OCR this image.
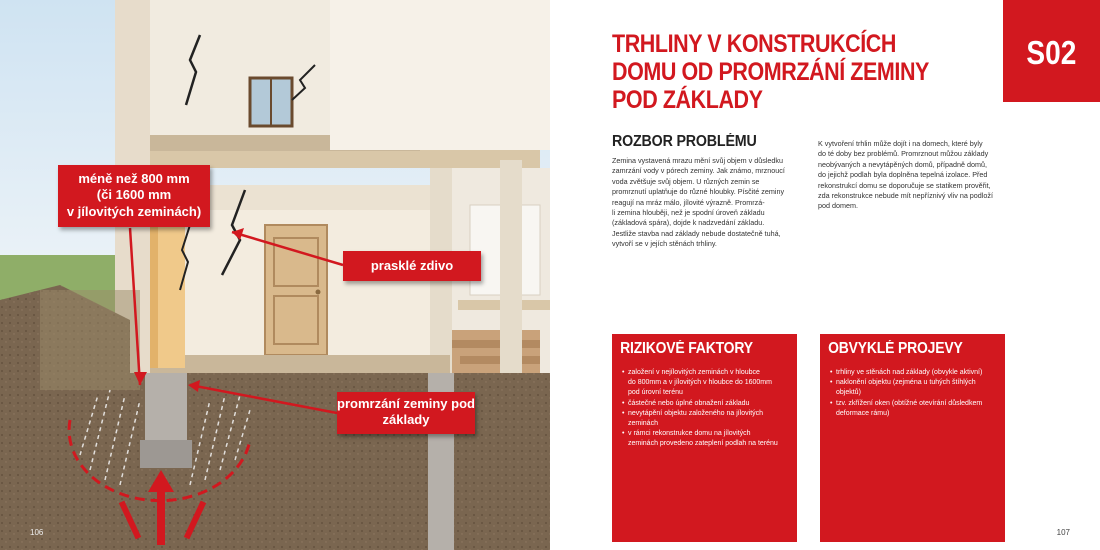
méně než 800 mm
(či 1600 mm
v jílovitých zeminách)
prasklé zdivo
promrzání zeminy pod
základy
106
TRHLINY V KONSTRUKCÍCH
DOMU OD PROMRZÁNÍ ZEMINY
POD ZÁKLADY
S02
ROZBOR PROBLÉMU
Zemina vystavená mrazu mění svůj objem v důsledku
zamrzání vody v pórech zeminy. Jak známo, mrznoucí
voda zvětšuje svůj objem. U různých zemin se
promrznutí uplatňuje do různé hloubky. Písčité zeminy
reagují na mráz málo, jílovité výrazně. Promrzá-
li zemina hlouběji, než je spodní úroveň základu
(základová spára), dojde k nadzvedání základu.
Jestliže stavba nad základy nebude dostatečně tuhá,
vytvoří se v jejích stěnách trhliny.
K vytvoření trhlin může dojít i na domech, které byly
do té doby bez problémů. Promrznout můžou základy
neobývaných a nevytápěných domů, případně domů,
do jejichž podlah byla doplněna tepelná izolace. Před
rekonstrukcí domu se doporučuje se statikem prověřit,
zda rekonstrukce nebude mít nepříznivý vliv na podloží
pod domem.
RIZIKOVÉ FAKTORY
• založení v nejílovitých zeminách v hloubce
do 800mm a v jílovitých v hloubce do 1600mm
pod úrovní terénu
• částečné nebo úplné obnažení základu
• nevytápění objektu založeného na jílovitých
zeminách
• v rámci rekonstrukce domu na jílovitých
zeminách provedeno zateplení podlah na terénu
OBVYKLÉ PROJEVY
• trhliny ve stěnách nad základy (obvykle aktivní)
• naklonění objektu (zejména u tuhých štíhlých
objektů)
• tzv. zkřížení oken (obtížné otevírání důsledkem
deformace rámu)
107
